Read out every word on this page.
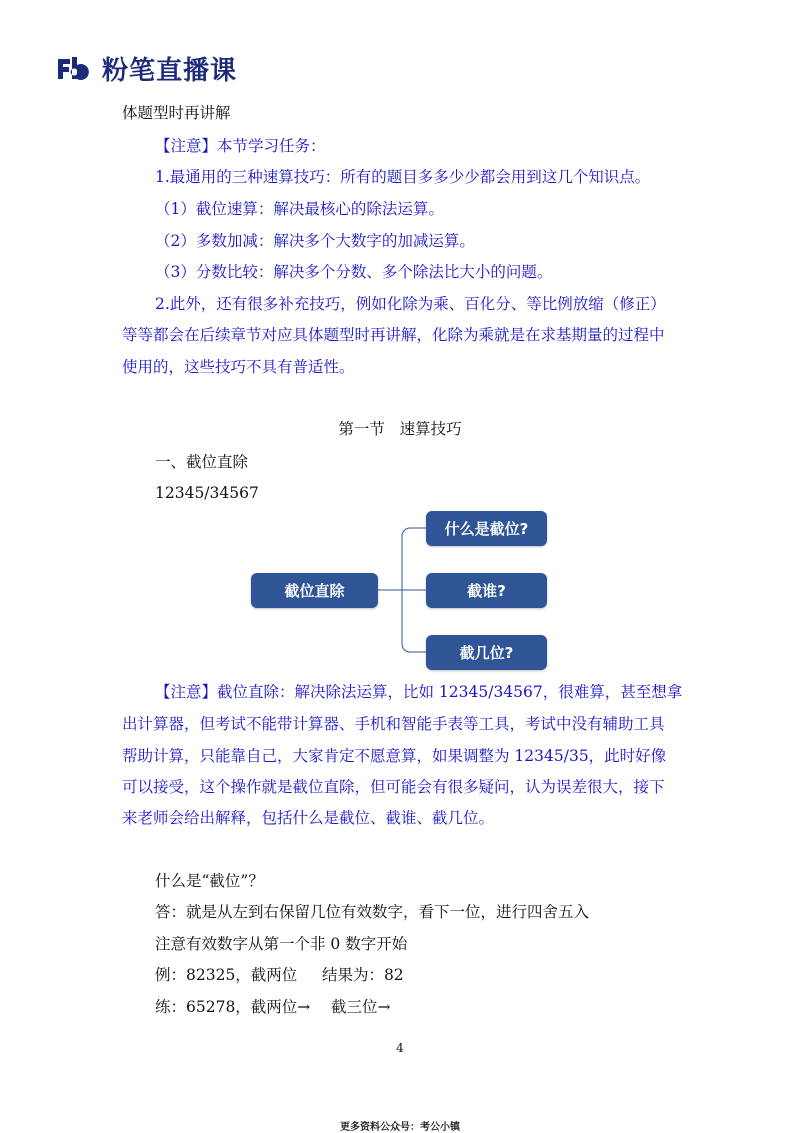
粉笔直播课
体题型时再讲解
【注意】本节学习任务：
1.最通用的三种速算技巧：所有的题目多多少少都会用到这几个知识点。
（1）截位速算：解决最核心的除法运算。
（2）多数加减：解决多个大数字的加减运算。
（3）分数比较：解决多个分数、多个除法比大小的问题。
2.此外，还有很多补充技巧，例如化除为乘、百化分、等比例放缩（修正）
等等都会在后续章节对应具体题型时再讲解，化除为乘就是在求基期量的过程中
使用的，这些技巧不具有普适性。
第一节   速算技巧
一、截位直除
12345/34567
截位直除
什么是截位?
截谁?
截几位?
【注意】截位直除：解决除法运算，比如 12345/34567，很难算，甚至想拿
出计算器，但考试不能带计算器、手机和智能手表等工具，考试中没有辅助工具
帮助计算，只能靠自己，大家肯定不愿意算，如果调整为 12345/35，此时好像
可以接受，这个操作就是截位直除，但可能会有很多疑问，认为误差很大，接下
来老师会给出解释，包括什么是截位、截谁、截几位。
什么是“截位”？
答：就是从左到右保留几位有效数字，看下一位，进行四舍五入
注意有效数字从第一个非 0 数字开始
例：82325，截两位     结果为：82
练：65278，截两位→ 截三位→
4
更多资料公众号：考公小镇
